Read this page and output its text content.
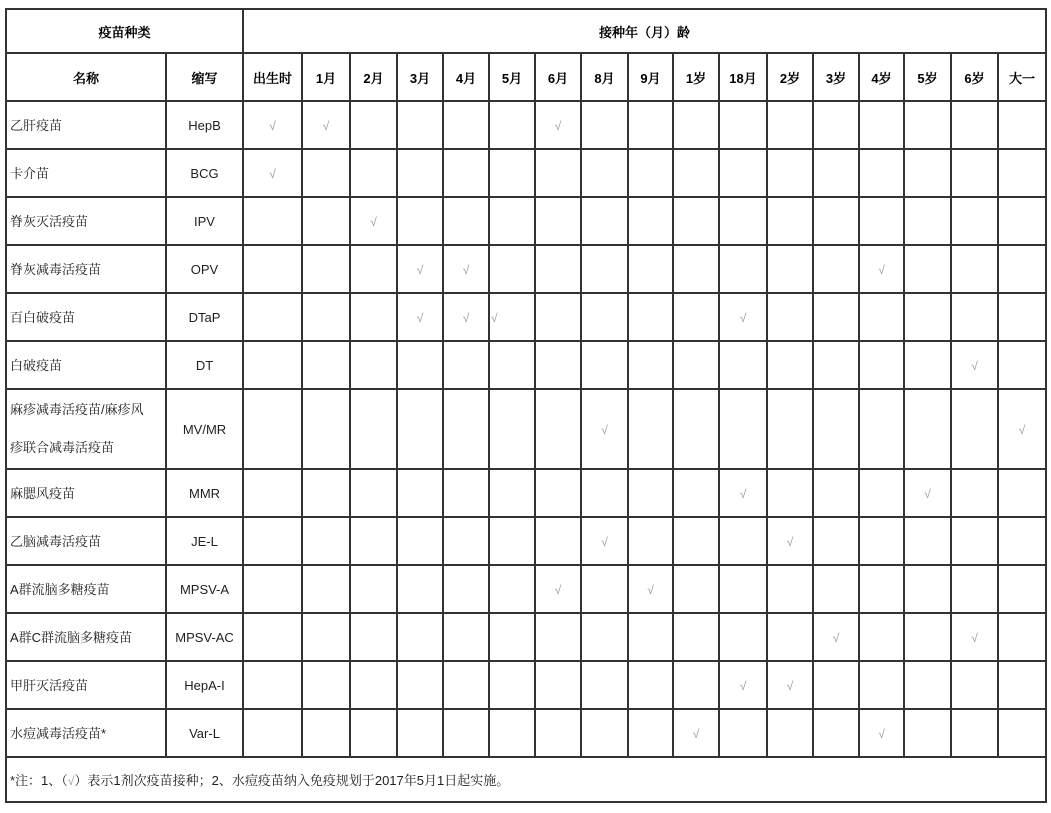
疫苗种类		接种年（月）龄																
名称	缩写	出生时	1月	2月	3月	4月	5月	6月	8月	9月	1岁	18月	2岁	3岁	4岁	5岁	6岁	大一
乙肝疫苗	HepB	√	√					√										
卡介苗	BCG	√																
脊灰灭活疫苗	IPV			√														
脊灰减毒活疫苗	OPV				√	√									√			
百白破疫苗	DTaP				√	√	√					√						
白破疫苗	DT																√	
麻疹减毒活疫苗/麻疹风疹联合减毒活疫苗	MV/MR								√									√
麻腮风疫苗	MMR											√				√		
乙脑减毒活疫苗	JE-L								√				√					
A群流脑多糖疫苗	MPSV-A							√		√								
A群C群流脑多糖疫苗	MPSV-AC													√			√	
甲肝灭活疫苗	HepA-I											√	√					
水痘减毒活疫苗*	Var-L										√				√			
*注：1、（√）表示1剂次疫苗接种；2、水痘疫苗纳入免疫规划于2017年5月1日起实施。																		
